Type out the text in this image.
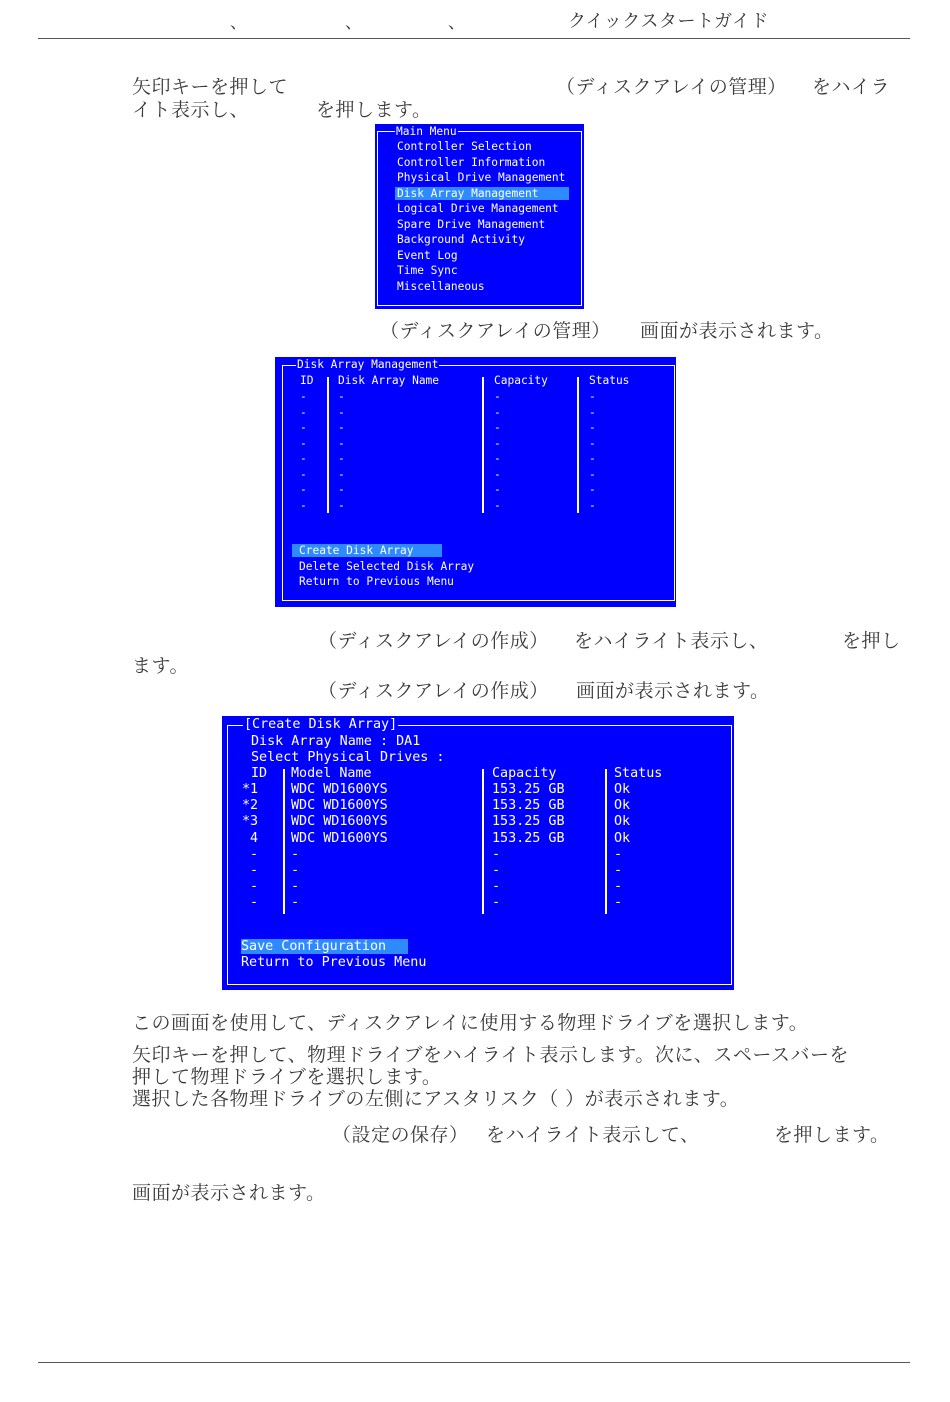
、	、	、	クイックスタートガイド
矢印キーを押して	（ディスクアレイの管理） をハイラ
イト表示し、	を押します。
Main Menu
Controller Selection
Controller Information
Physical Drive Management
Disk Array Management
Logical Drive Management
Spare Drive Management
Background Activity
Event Log
Time Sync
Miscellaneous
（ディスクアレイの管理） 画面が表示されます。
Disk Array Management
ID Disk Array Name	Capacity	Status
-	-	-	-
-	-	-	-
-	-	-	-
-	-	-	-
-	-	-	-
-	-	-	-
-	-	-	-
-	-	-	-
Create Disk Array
Delete Selected Disk Array
Return to Previous Menu
（ディスクアレイの作成） をハイライト表示し、	を押し
ます。
（ディスクアレイの作成） 画面が表示されます。
[Create Disk Array]
Disk Array Name : DA1
Select Physical Drives :
ID Model Name	Capacity	Status
*1 WDC WD1600YS	153.25 GB	Ok
*2 WDC WD1600YS	153.25 GB	Ok
*3 WDC WD1600YS	153.25 GB	Ok
4 WDC WD1600YS	153.25 GB	Ok
- -	-	-
- -	-	-
- -	-	-
- -	-	-
Save Configuration
Return to Previous Menu
この画面を使用して、ディスクアレイに使用する物理ドライブを選択します。
矢印キーを押して、物理ドライブをハイライト表示します。次に、スペースバーを
押して物理ドライブを選択します。
選択した各物理ドライブの左側にアスタリスク（ ）が表示されます。
（設定の保存） をハイライト表示して、	を押します。
画面が表示されます。
